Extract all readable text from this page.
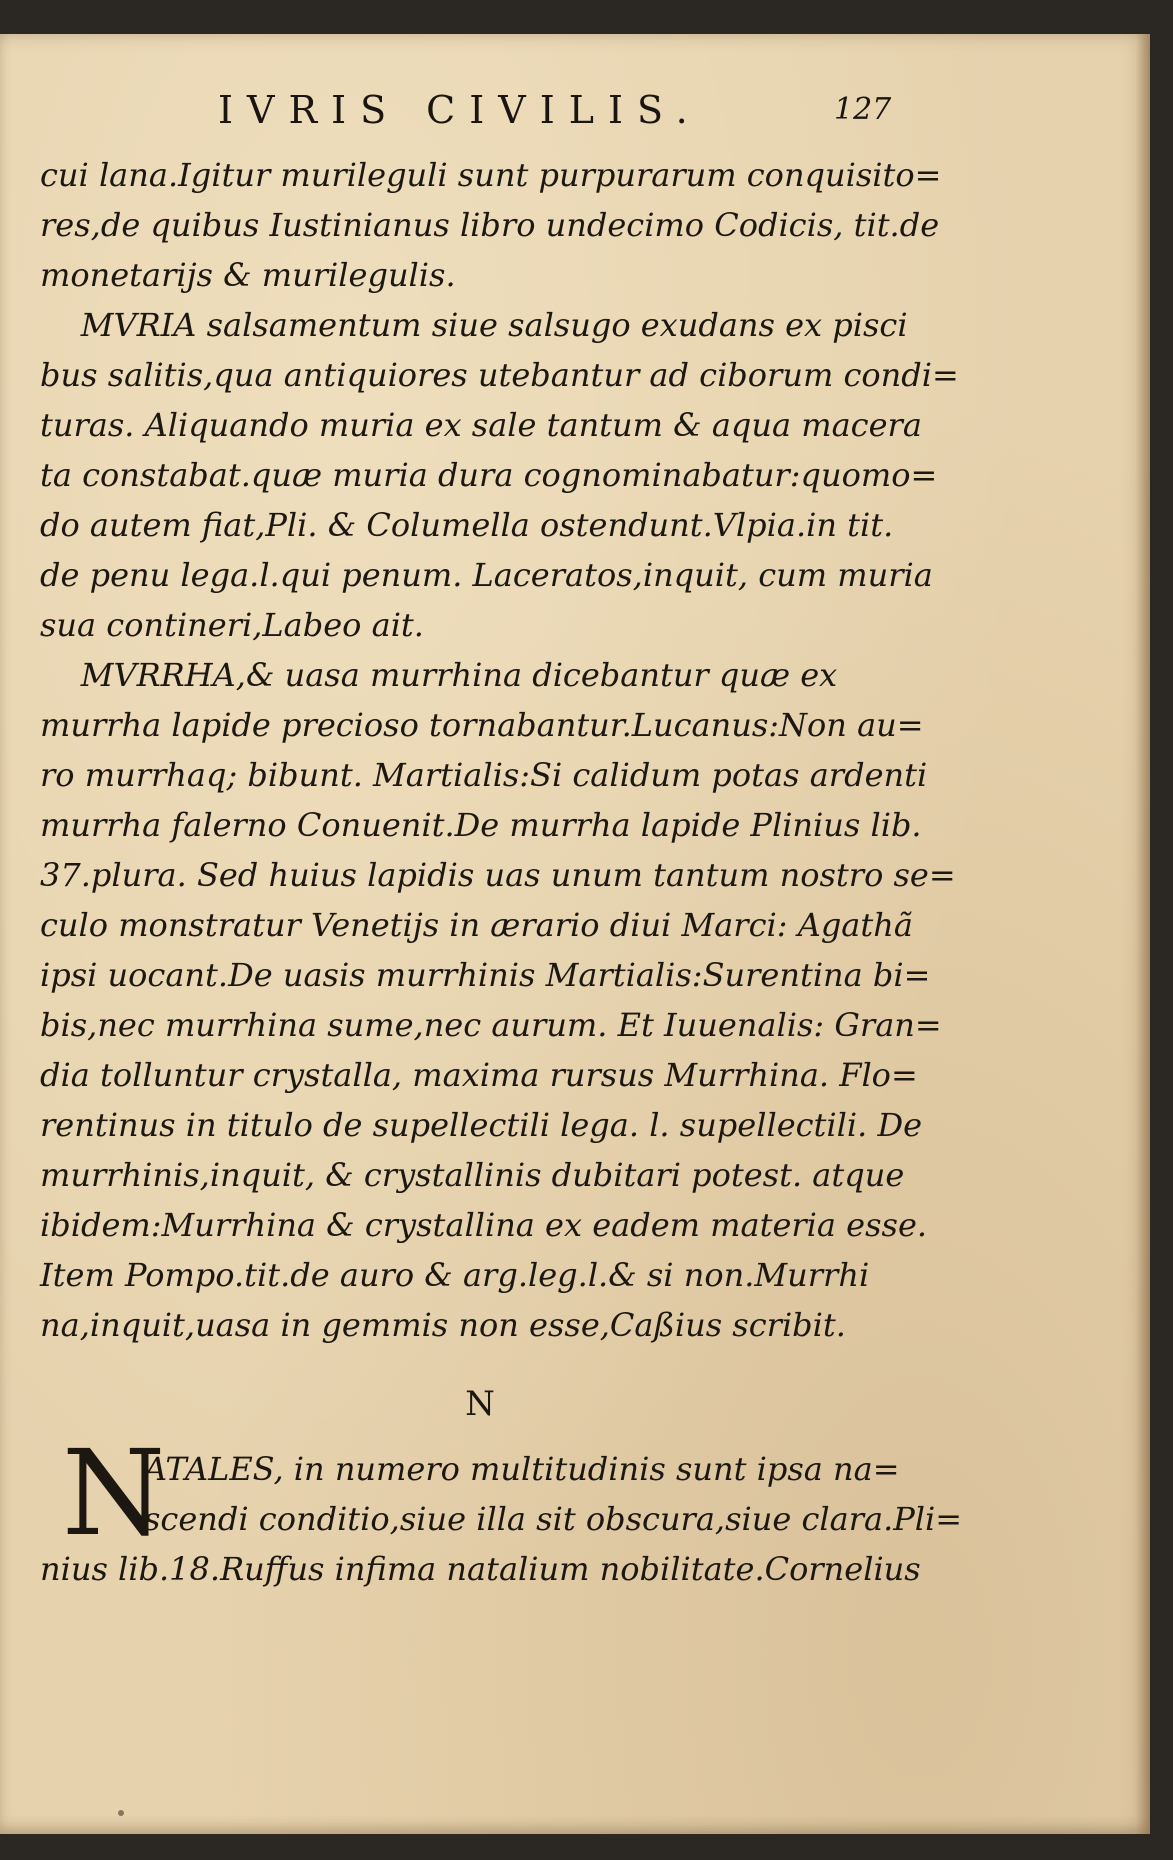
IVRIS CIVILIS.	127
cui lana.Igitur murileguli sunt purpurarum conquisito=
res,de quibus Iustinianus libro undecimo Codicis, tit.de
monetarijs & murilegulis.
MVRIA salsamentum siue salsugo exudans ex pisci
bus salitis,qua antiquiores utebantur ad ciborum condi=
turas. Aliquando muria ex sale tantum & aqua macera
ta constabat.quæ muria dura cognominabatur:quomo=
do autem fiat,Pli. & Columella ostendunt.Vlpia.in tit.
de penu lega.l.qui penum. Laceratos,inquit, cum muria
sua contineri,Labeo ait.
MVRRHA,& uasa murrhina dicebantur quæ ex
murrha lapide precioso tornabantur.Lucanus:Non au=
ro murrhaq; bibunt. Martialis:Si calidum potas ardenti
murrha falerno Conuenit.De murrha lapide Plinius lib.
37.plura. Sed huius lapidis uas unum tantum nostro se=
culo monstratur Venetijs in ærario diui Marci: Agathã
ipsi uocant.De uasis murrhinis Martialis:Surentina bi=
bis,nec murrhina sume,nec aurum. Et Iuuenalis: Gran=
dia tolluntur crystalla, maxima rursus Murrhina. Flo=
rentinus in titulo de supellectili lega. l. supellectili. De
murrhinis,inquit, & crystallinis dubitari potest. atque
ibidem:Murrhina & crystallina ex eadem materia esse.
Item Pompo.tit.de auro & arg.leg.l.& si non.Murrhi
na,inquit,uasa in gemmis non esse,Caßius scribit.
N
N
ATALES, in numero multitudinis sunt ipsa na=
scendi conditio,siue illa sit obscura,siue clara.Pli=
nius lib.18.Ruffus infima natalium nobilitate.Cornelius
